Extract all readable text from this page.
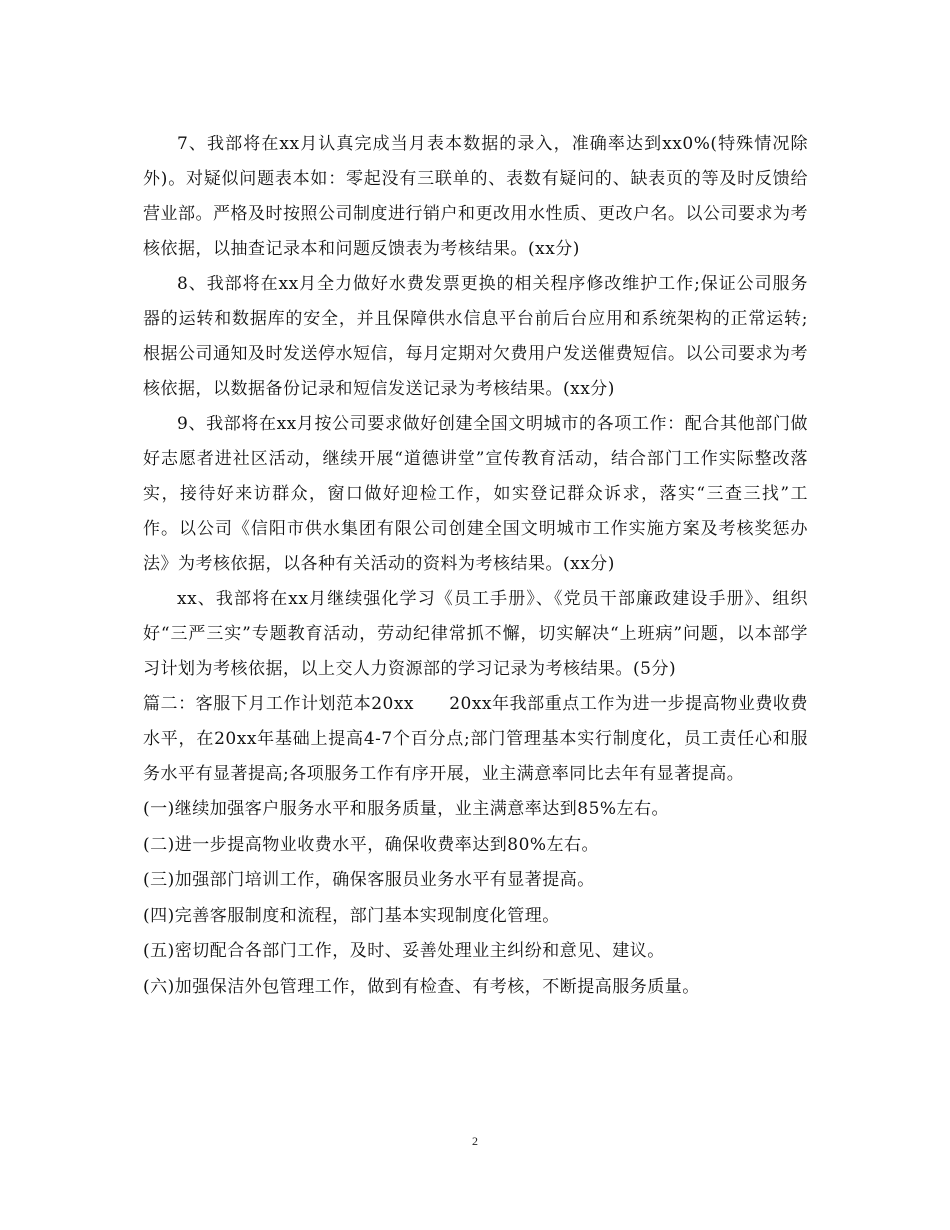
7、我部将在xx月认真完成当月表本数据的录入，准确率达到xx0%(特殊情况除外)。对疑似问题表本如：零起没有三联单的、表数有疑问的、缺表页的等及时反馈给营业部。严格及时按照公司制度进行销户和更改用水性质、更改户名。以公司要求为考核依据，以抽查记录本和问题反馈表为考核结果。(xx分)

8、我部将在xx月全力做好水费发票更换的相关程序修改维护工作;保证公司服务器的运转和数据库的安全，并且保障供水信息平台前后台应用和系统架构的正常运转;根据公司通知及时发送停水短信，每月定期对欠费用户发送催费短信。以公司要求为考核依据，以数据备份记录和短信发送记录为考核结果。(xx分)

9、我部将在xx月按公司要求做好创建全国文明城市的各项工作：配合其他部门做好志愿者进社区活动，继续开展“道德讲堂”宣传教育活动，结合部门工作实际整改落实，接待好来访群众，窗口做好迎检工作，如实登记群众诉求，落实“三查三找”工作。以公司《信阳市供水集团有限公司创建全国文明城市工作实施方案及考核奖惩办法》为考核依据，以各种有关活动的资料为考核结果。(xx分)

xx、我部将在xx月继续强化学习《员工手册》、《党员干部廉政建设手册》、组织好“三严三实”专题教育活动，劳动纪律常抓不懈，切实解决“上班病”问题，以本部学习计划为考核依据，以上交人力资源部的学习记录为考核结果。(5分)

篇二：客服下月工作计划范本20xx　　20xx年我部重点工作为进一步提高物业费收费水平，在20xx年基础上提高4-7个百分点;部门管理基本实行制度化，员工责任心和服务水平有显著提高;各项服务工作有序开展，业主满意率同比去年有显著提高。

(一)继续加强客户服务水平和服务质量，业主满意率达到85%左右。

(二)进一步提高物业收费水平，确保收费率达到80%左右。

(三)加强部门培训工作，确保客服员业务水平有显著提高。

(四)完善客服制度和流程，部门基本实现制度化管理。

(五)密切配合各部门工作，及时、妥善处理业主纠纷和意见、建议。

(六)加强保洁外包管理工作，做到有检查、有考核，不断提高服务质量。

2
